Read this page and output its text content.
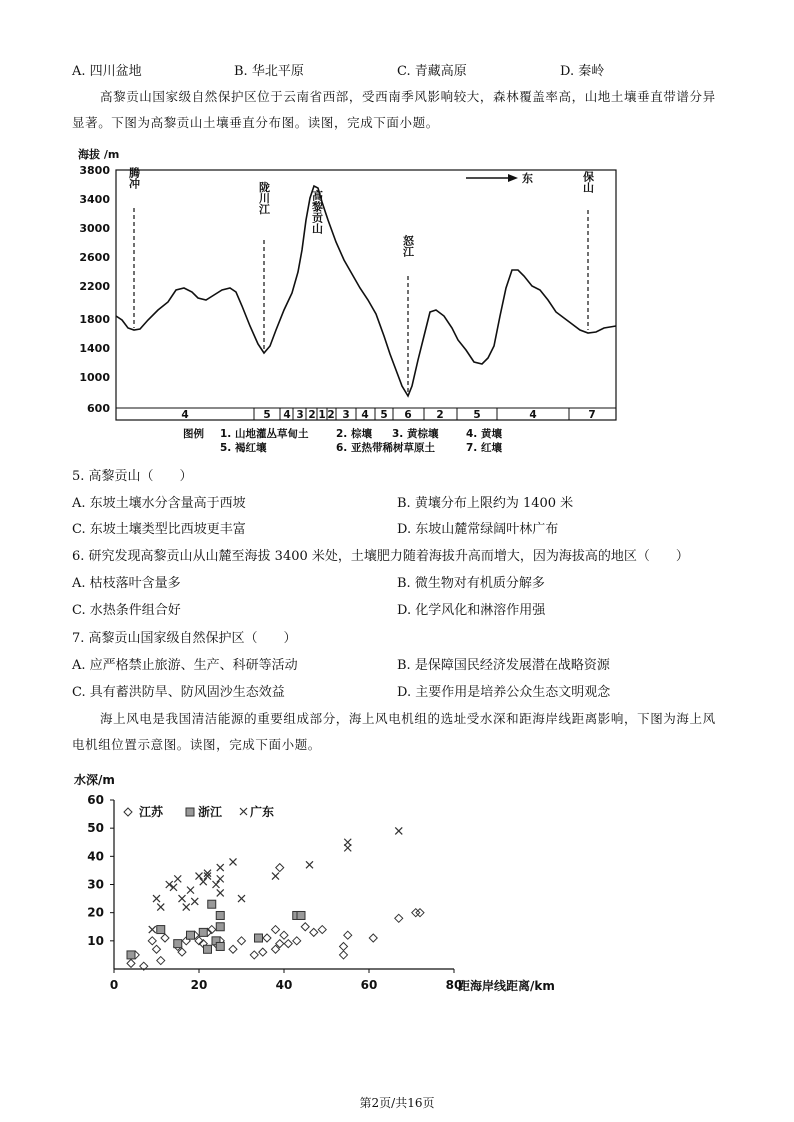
A. 四川盆地	B. 华北平原	C. 青藏高原	D. 秦岭
高黎贡山国家级自然保护区位于云南省西部，受西南季风影响较大，森林覆盖率高，山地土壤垂直带谱分异显著。下图为高黎贡山土壤垂直分布图。读图，完成下面小题。
海拔 /m
3800
3400
3000
2600
2200
1800
1400
1000
600	4	5 4 3 2 1 2 3 4 5 6 2	5	4	7
腾冲
陇川江	高黎贡山
怒江
保山
东
图例 1. 山地灌丛草甸土	2. 棕壤 3. 黄棕壤	4. 黄壤
5. 褐红壤	6. 亚热带稀树草原土	7. 红壤
5. 高黎贡山（　　）
A. 东坡土壤水分含量高于西坡	B. 黄壤分布上限约为 1400 米
C. 东坡土壤类型比西坡更丰富	D. 东坡山麓常绿阔叶林广布
6. 研究发现高黎贡山从山麓至海拔 3400 米处，土壤肥力随着海拔升高而增大，因为海拔高的地区（　　）
A. 枯枝落叶含量多	B. 微生物对有机质分解多
C. 水热条件组合好	D. 化学风化和淋溶作用强
7. 高黎贡山国家级自然保护区（　　）
A. 应严格禁止旅游、生产、科研等活动	B. 是保障国民经济发展潜在战略资源
C. 具有蓄洪防旱、防风固沙生态效益	D. 主要作用是培养公众生态文明观念
海上风电是我国清洁能源的重要组成部分，海上风电机组的选址受水深和距海岸线距离影响，下图为海上风电机组位置示意图。读图，完成下面小题。
水深/m
10
20
30
40
50
60
0	20	40	60	80
距海岸线距离/km
江苏	浙江 广东
第2页/共16页
